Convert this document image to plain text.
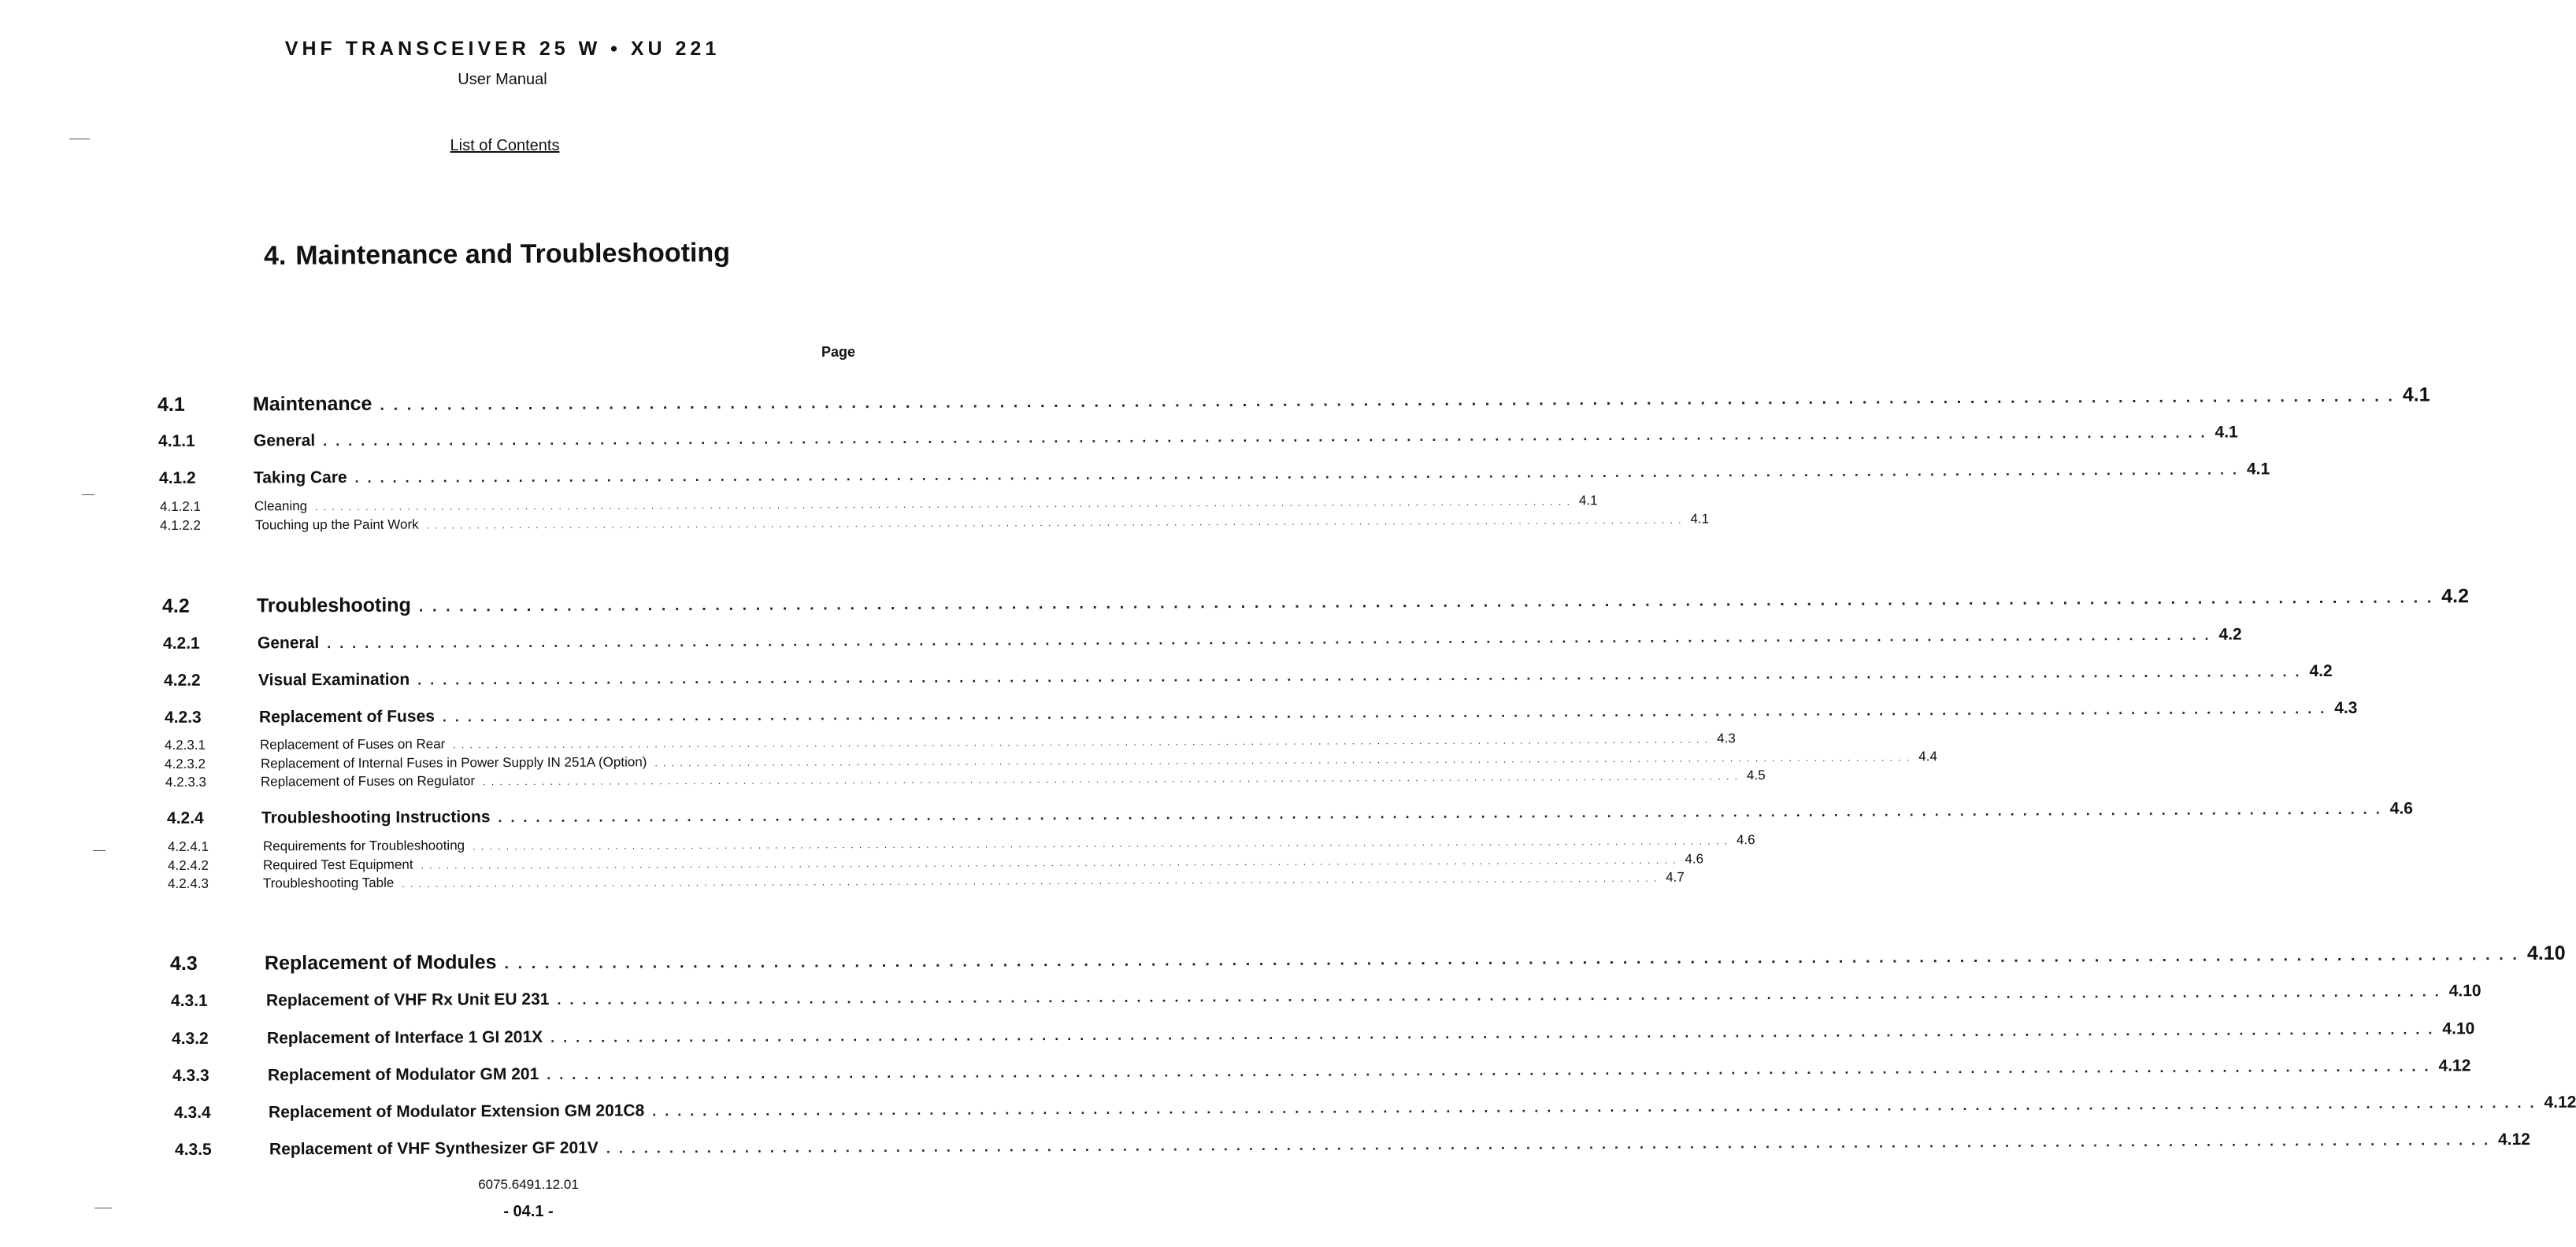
VHF TRANSCEIVER 25 W • XU 221
User Manual
List of Contents
4. Maintenance and Troubleshooting
Page
4.1	Maintenance . . . . . . . . . . . . . . . . . . . . . . . . . . . . . . . . . . . . . . . . . . . . . . . . . . . . . . . . . . . . . . . . . . . . . . . . . . . . . . . . . . . . . . . . . . . . . . . . . . . . . . . . . . . . . . . . . . . . . . . . . . . . . . . . . . . . . . . . . . . . . . . . . . . . . . 4.1
4.1.1	General . . . . . . . . . . . . . . . . . . . . . . . . . . . . . . . . . . . . . . . . . . . . . . . . . . . . . . . . . . . . . . . . . . . . . . . . . . . . . . . . . . . . . . . . . . . . . . . . . . . . . . . . . . . . . . . . . . . . . . . . . . . . . . . . . . . . . . . . . . . . . . . . . . . . . . 4.1
4.1.2	Taking Care . . . . . . . . . . . . . . . . . . . . . . . . . . . . . . . . . . . . . . . . . . . . . . . . . . . . . . . . . . . . . . . . . . . . . . . . . . . . . . . . . . . . . . . . . . . . . . . . . . . . . . . . . . . . . . . . . . . . . . . . . . . . . . . . . . . . . . . . . . . . . . . . . . . . . . 4.1
4.1.2.1	Cleaning . . . . . . . . . . . . . . . . . . . . . . . . . . . . . . . . . . . . . . . . . . . . . . . . . . . . . . . . . . . . . . . . . . . . . . . . . . . . . . . . . . . . . . . . . . . . . . . . . . . . . . . . . . . . . . . . . . . . . . . . . . . . . . . . . . . . . . . . . . . . . . . . . . . . . . 4.1
4.1.2.2	Touching up the Paint Work . . . . . . . . . . . . . . . . . . . . . . . . . . . . . . . . . . . . . . . . . . . . . . . . . . . . . . . . . . . . . . . . . . . . . . . . . . . . . . . . . . . . . . . . . . . . . . . . . . . . . . . . . . . . . . . . . . . . . . . . . . . . . . . . . . . . . . . . . . . . . . . . . . . . . . 4.1
4.2	Troubleshooting . . . . . . . . . . . . . . . . . . . . . . . . . . . . . . . . . . . . . . . . . . . . . . . . . . . . . . . . . . . . . . . . . . . . . . . . . . . . . . . . . . . . . . . . . . . . . . . . . . . . . . . . . . . . . . . . . . . . . . . . . . . . . . . . . . . . . . . . . . . . . . . . . . . . . . 4.2
4.2.1	General . . . . . . . . . . . . . . . . . . . . . . . . . . . . . . . . . . . . . . . . . . . . . . . . . . . . . . . . . . . . . . . . . . . . . . . . . . . . . . . . . . . . . . . . . . . . . . . . . . . . . . . . . . . . . . . . . . . . . . . . . . . . . . . . . . . . . . . . . . . . . . . . . . . . . . 4.2
4.2.2	Visual Examination . . . . . . . . . . . . . . . . . . . . . . . . . . . . . . . . . . . . . . . . . . . . . . . . . . . . . . . . . . . . . . . . . . . . . . . . . . . . . . . . . . . . . . . . . . . . . . . . . . . . . . . . . . . . . . . . . . . . . . . . . . . . . . . . . . . . . . . . . . . . . . . . . . . . . . 4.2
4.2.3	Replacement of Fuses . . . . . . . . . . . . . . . . . . . . . . . . . . . . . . . . . . . . . . . . . . . . . . . . . . . . . . . . . . . . . . . . . . . . . . . . . . . . . . . . . . . . . . . . . . . . . . . . . . . . . . . . . . . . . . . . . . . . . . . . . . . . . . . . . . . . . . . . . . . . . . . . . . . . . . 4.3
4.2.3.1	Replacement of Fuses on Rear . . . . . . . . . . . . . . . . . . . . . . . . . . . . . . . . . . . . . . . . . . . . . . . . . . . . . . . . . . . . . . . . . . . . . . . . . . . . . . . . . . . . . . . . . . . . . . . . . . . . . . . . . . . . . . . . . . . . . . . . . . . . . . . . . . . . . . . . . . . . . . . . . . . . . . 4.3
4.2.3.2	Replacement of Internal Fuses in Power Supply IN 251A (Option) . . . . . . . . . . . . . . . . . . . . . . . . . . . . . . . . . . . . . . . . . . . . . . . . . . . . . . . . . . . . . . . . . . . . . . . . . . . . . . . . . . . . . . . . . . . . . . . . . . . . . . . . . . . . . . . . . . . . . . . . . . . . . . . . . . . . . . . . . . . . . . . . . . . . . . 4.4
4.2.3.3	Replacement of Fuses on Regulator . . . . . . . . . . . . . . . . . . . . . . . . . . . . . . . . . . . . . . . . . . . . . . . . . . . . . . . . . . . . . . . . . . . . . . . . . . . . . . . . . . . . . . . . . . . . . . . . . . . . . . . . . . . . . . . . . . . . . . . . . . . . . . . . . . . . . . . . . . . . . . . . . . . . . . 4.5
4.2.4	Troubleshooting Instructions . . . . . . . . . . . . . . . . . . . . . . . . . . . . . . . . . . . . . . . . . . . . . . . . . . . . . . . . . . . . . . . . . . . . . . . . . . . . . . . . . . . . . . . . . . . . . . . . . . . . . . . . . . . . . . . . . . . . . . . . . . . . . . . . . . . . . . . . . . . . . . . . . . . . . . 4.6
4.2.4.1	Requirements for Troubleshooting . . . . . . . . . . . . . . . . . . . . . . . . . . . . . . . . . . . . . . . . . . . . . . . . . . . . . . . . . . . . . . . . . . . . . . . . . . . . . . . . . . . . . . . . . . . . . . . . . . . . . . . . . . . . . . . . . . . . . . . . . . . . . . . . . . . . . . . . . . . . . . . . . . . . . . 4.6
4.2.4.2	Required Test Equipment . . . . . . . . . . . . . . . . . . . . . . . . . . . . . . . . . . . . . . . . . . . . . . . . . . . . . . . . . . . . . . . . . . . . . . . . . . . . . . . . . . . . . . . . . . . . . . . . . . . . . . . . . . . . . . . . . . . . . . . . . . . . . . . . . . . . . . . . . . . . . . . . . . . . . . 4.6
4.2.4.3	Troubleshooting Table . . . . . . . . . . . . . . . . . . . . . . . . . . . . . . . . . . . . . . . . . . . . . . . . . . . . . . . . . . . . . . . . . . . . . . . . . . . . . . . . . . . . . . . . . . . . . . . . . . . . . . . . . . . . . . . . . . . . . . . . . . . . . . . . . . . . . . . . . . . . . . . . . . . . . . 4.7
4.3	Replacement of Modules . . . . . . . . . . . . . . . . . . . . . . . . . . . . . . . . . . . . . . . . . . . . . . . . . . . . . . . . . . . . . . . . . . . . . . . . . . . . . . . . . . . . . . . . . . . . . . . . . . . . . . . . . . . . . . . . . . . . . . . . . . . . . . . . . . . . . . . . . . . . . . . . . . . . . . 4.10
4.3.1	Replacement of VHF Rx Unit EU 231 . . . . . . . . . . . . . . . . . . . . . . . . . . . . . . . . . . . . . . . . . . . . . . . . . . . . . . . . . . . . . . . . . . . . . . . . . . . . . . . . . . . . . . . . . . . . . . . . . . . . . . . . . . . . . . . . . . . . . . . . . . . . . . . . . . . . . . . . . . . . . . . . . . . . . . 4.10
4.3.2	Replacement of Interface 1 GI 201X . . . . . . . . . . . . . . . . . . . . . . . . . . . . . . . . . . . . . . . . . . . . . . . . . . . . . . . . . . . . . . . . . . . . . . . . . . . . . . . . . . . . . . . . . . . . . . . . . . . . . . . . . . . . . . . . . . . . . . . . . . . . . . . . . . . . . . . . . . . . . . . . . . . . . . 4.10
4.3.3	Replacement of Modulator GM 201 . . . . . . . . . . . . . . . . . . . . . . . . . . . . . . . . . . . . . . . . . . . . . . . . . . . . . . . . . . . . . . . . . . . . . . . . . . . . . . . . . . . . . . . . . . . . . . . . . . . . . . . . . . . . . . . . . . . . . . . . . . . . . . . . . . . . . . . . . . . . . . . . . . . . . . 4.12
4.3.4	Replacement of Modulator Extension GM 201C8 . . . . . . . . . . . . . . . . . . . . . . . . . . . . . . . . . . . . . . . . . . . . . . . . . . . . . . . . . . . . . . . . . . . . . . . . . . . . . . . . . . . . . . . . . . . . . . . . . . . . . . . . . . . . . . . . . . . . . . . . . . . . . . . . . . . . . . . . . . . . . . . . . . . . . . 4.12
4.3.5	Replacement of VHF Synthesizer GF 201V . . . . . . . . . . . . . . . . . . . . . . . . . . . . . . . . . . . . . . . . . . . . . . . . . . . . . . . . . . . . . . . . . . . . . . . . . . . . . . . . . . . . . . . . . . . . . . . . . . . . . . . . . . . . . . . . . . . . . . . . . . . . . . . . . . . . . . . . . . . . . . . . . . . . . . 4.12
6075.6491.12.01
- 04.1 -
